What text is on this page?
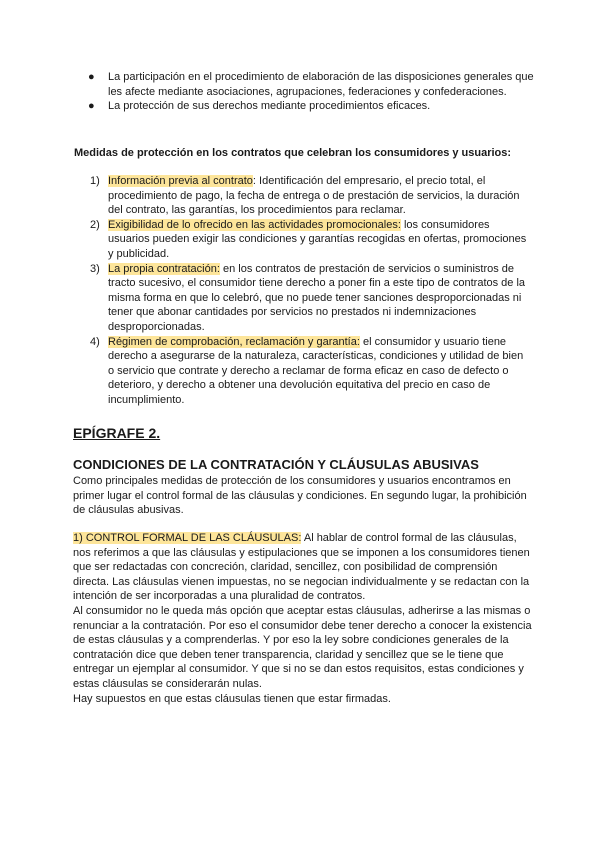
● La participación en el procedimiento de elaboración de las disposiciones generales que les afecte mediante asociaciones, agrupaciones, federaciones y confederaciones.
● La protección de sus derechos mediante procedimientos eficaces.
Medidas de protección en los contratos que celebran los consumidores y usuarios:
1) Información previa al contrato: Identificación del empresario, el precio total, el procedimiento de pago, la fecha de entrega o de prestación de servicios, la duración del contrato, las garantías, los procedimientos para reclamar.
2) Exigibilidad de lo ofrecido en las actividades promocionales: los consumidores usuarios pueden exigir las condiciones y garantías recogidas en ofertas, promociones y publicidad.
3) La propia contratación: en los contratos de prestación de servicios o suministros de tracto sucesivo, el consumidor tiene derecho a poner fin a este tipo de contratos de la misma forma en que lo celebró, que no puede tener sanciones desproporcionadas ni tener que abonar cantidades por servicios no prestados ni indemnizaciones desproporcionadas.
4) Régimen de comprobación, reclamación y garantía: el consumidor y usuario tiene derecho a asegurarse de la naturaleza, características, condiciones y utilidad de bien o servicio que contrate y derecho a reclamar de forma eficaz en caso de defecto o deterioro, y derecho a obtener una devolución equitativa del precio en caso de incumplimiento.
EPÍGRAFE 2.
CONDICIONES DE LA CONTRATACIÓN Y CLÁUSULAS ABUSIVAS
Como principales medidas de protección de los consumidores y usuarios encontramos en primer lugar el control formal de las cláusulas y condiciones. En segundo lugar, la prohibición de cláusulas abusivas.
1) CONTROL FORMAL DE LAS CLÁUSULAS: Al hablar de control formal de las cláusulas, nos referimos a que las cláusulas y estipulaciones que se imponen a los consumidores tienen que ser redactadas con concreción, claridad, sencillez, con posibilidad de comprensión directa. Las cláusulas vienen impuestas, no se negocian individualmente y se redactan con la intención de ser incorporadas a una pluralidad de contratos.
Al consumidor no le queda más opción que aceptar estas cláusulas, adherirse a las mismas o renunciar a la contratación. Por eso el consumidor debe tener derecho a conocer la existencia de estas cláusulas y a comprenderlas. Y por eso la ley sobre condiciones generales de la contratación dice que deben tener transparencia, claridad y sencillez que se le tiene que entregar un ejemplar al consumidor. Y que si no se dan estos requisitos, estas condiciones y estas cláusulas se considerarán nulas.
Hay supuestos en que estas cláusulas tienen que estar firmadas.
